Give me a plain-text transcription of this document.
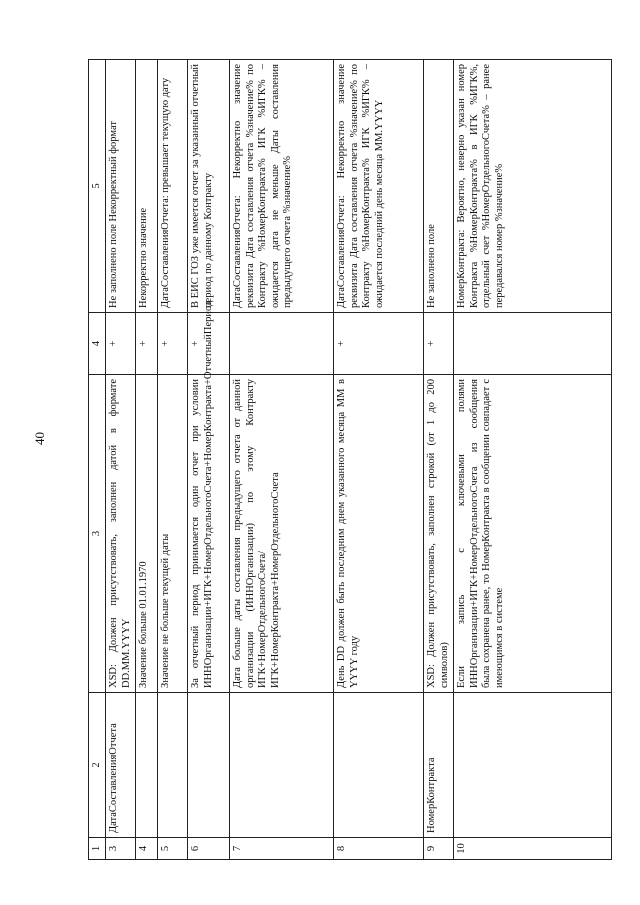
40
1	2	3	4	5
3	ДатаСоставленияОтчета	XSD: Должен присутствовать, заполнен датой в формате DD.MM.YYYY	+	Не заполнено поле Некорректный формат
4		Значение больше 01.01.1970	+	Некорректно значение
5		Значение не больше текущей даты	+	ДатаСоставленияОтчета: превышает текущую дату
6		За отчетный период принимается один отчет при условии ИННОрганизации+ИГК+НомерОтдельногоСчета+НомерКонтракта+ОтчетныйПериод	+	В ЕИС ГОЗ уже имеется отчет за указанный отчетный период по данному Контракту
7		Дата больше даты составления предыдущего отчета от данной организации (ИННОрганизации) по этому Контракту ИГК+НомерОтдельногоСчета/ИГК+НомерКонтракта+НомерОтдельногоСчета		ДатаСоставленияОтчета: Некорректно значение реквизита Дата составления отчета %значение% по Контракту %НомерКонтракта% ИГК %ИГК% – ожидается дата не меньше Даты составления предыдущего отчета %значение%
8		День DD должен быть последним днем указанного месяца ММ в YYYY году	+	ДатаСоставленияОтчета: Некорректно значение реквизита Дата составления отчета %значение% по Контракту %НомерКонтракта% ИГК %ИГК% – ожидается последний день месяца ММ.YYYY
9	НомерКонтракта	XSD: Должен присутствовать, заполнен строкой (от 1 до 200 символов)	+	Не заполнено поле
10		Если запись с ключевыми полями ИННОрганизации+ИГК+НомерОтдельногоСчета из сообщения была сохранена ранее, то НомерКонтракта в сообщении совпадает с имеющимся в системе		НомерКонтракта: Вероятно, неверно указан номер Контракта %НомерКонтракта% в ИГК %ИГК%, отдельный счет %НомерОтдельногоСчета% – ранее передавался номер %значение%
